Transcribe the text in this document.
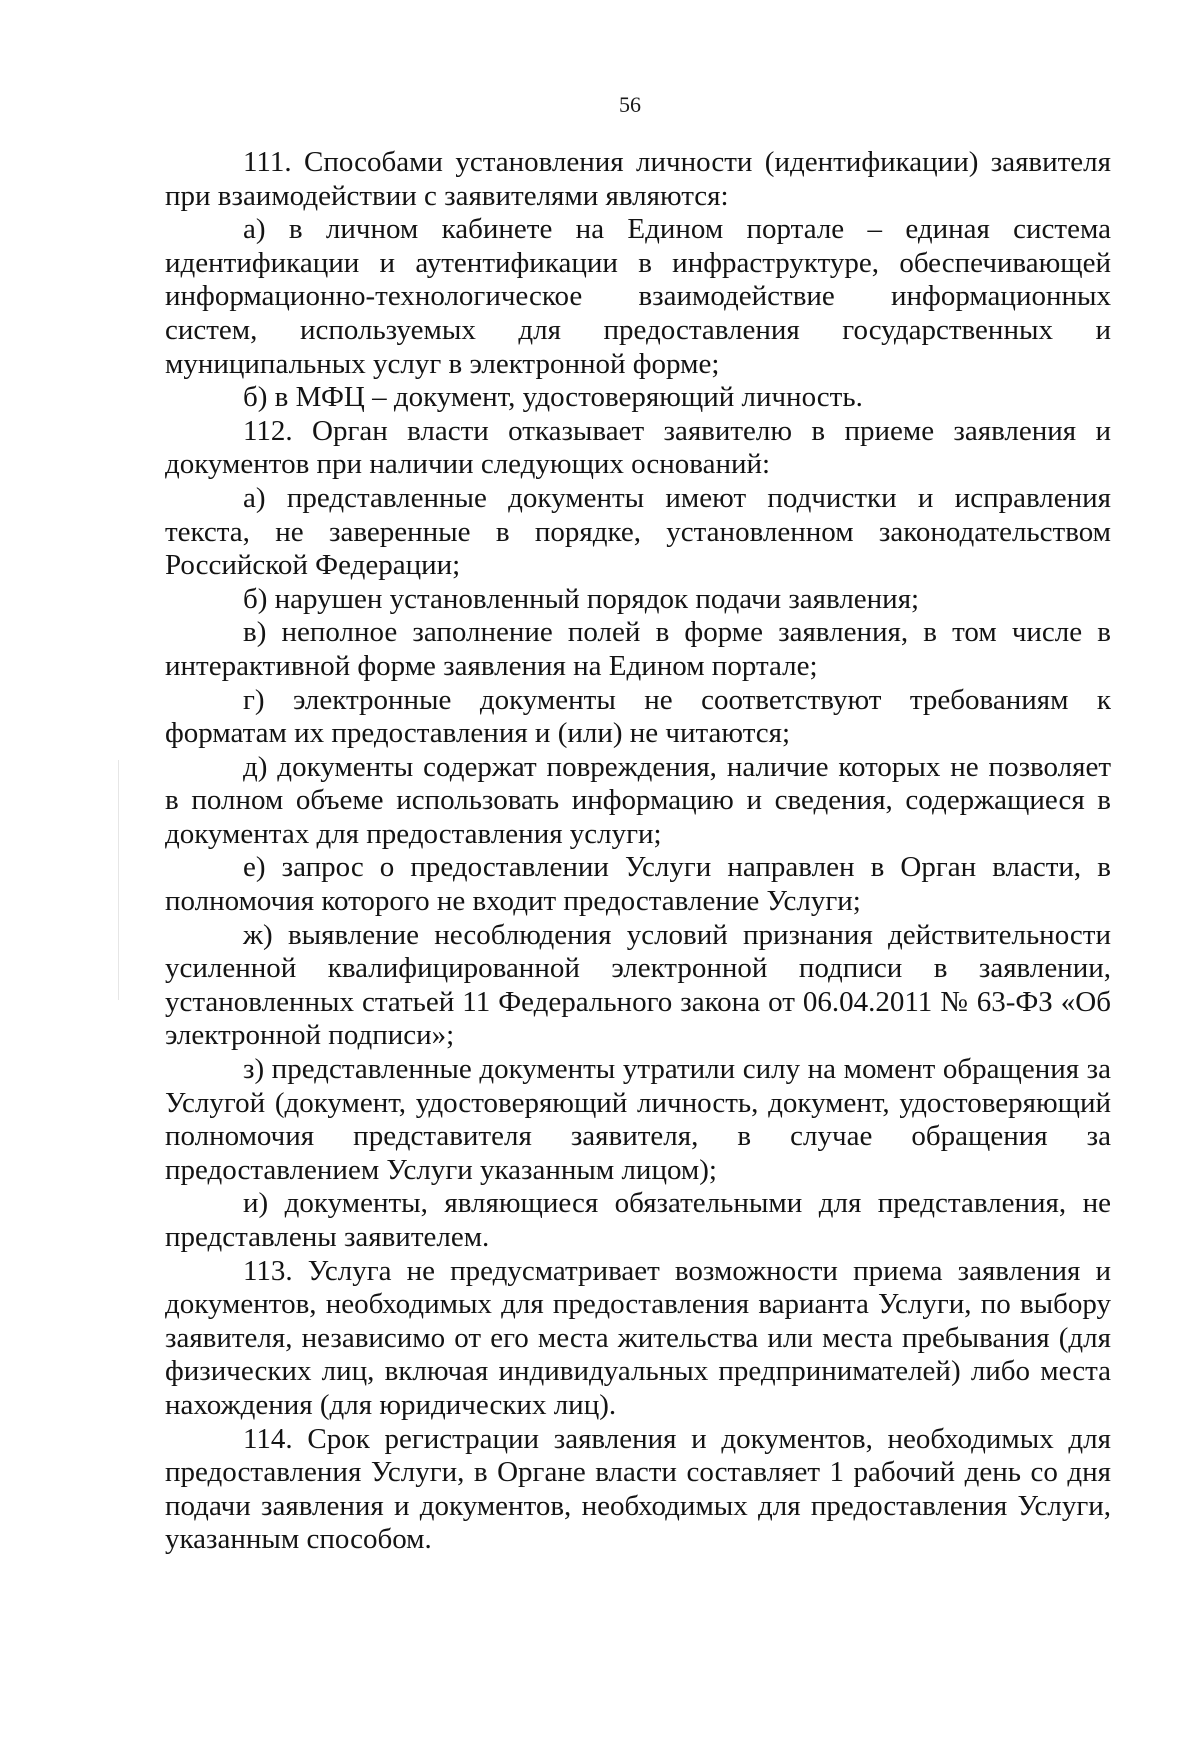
56

111. Способами установления личности (идентификации) заявителя при взаимодействии с заявителями являются:

а) в личном кабинете на Едином портале – единая система идентификации и аутентификации в инфраструктуре, обеспечивающей информационно-технологическое взаимодействие информационных систем, используемых для предоставления государственных и муниципальных услуг в электронной форме;

б) в МФЦ – документ, удостоверяющий личность.

112. Орган власти отказывает заявителю в приеме заявления и документов при наличии следующих оснований:

а) представленные документы имеют подчистки и исправления текста, не заверенные в порядке, установленном законодательством Российской Федерации;

б) нарушен установленный порядок подачи заявления;

в) неполное заполнение полей в форме заявления, в том числе в интерактивной форме заявления на Едином портале;

г) электронные документы не соответствуют требованиям к форматам их предоставления и (или) не читаются;

д) документы содержат повреждения, наличие которых не позволяет в полном объеме использовать информацию и сведения, содержащиеся в документах для предоставления услуги;

е) запрос о предоставлении Услуги направлен в Орган власти, в полномочия которого не входит предоставление Услуги;

ж) выявление несоблюдения условий признания действительности усиленной квалифицированной электронной подписи в заявлении, установленных статьей 11 Федерального закона от 06.04.2011 № 63-ФЗ «Об электронной подписи»;

з) представленные документы утратили силу на момент обращения за Услугой (документ, удостоверяющий личность, документ, удостоверяющий полномочия представителя заявителя, в случае обращения за предоставлением Услуги указанным лицом);

и) документы, являющиеся обязательными для представления, не представлены заявителем.

113. Услуга не предусматривает возможности приема заявления и документов, необходимых для предоставления варианта Услуги, по выбору заявителя, независимо от его места жительства или места пребывания (для физических лиц, включая индивидуальных предпринимателей) либо места нахождения (для юридических лиц).

114. Срок регистрации заявления и документов, необходимых для предоставления Услуги, в Органе власти составляет 1 рабочий день со дня подачи заявления и документов, необходимых для предоставления Услуги, указанным способом.
